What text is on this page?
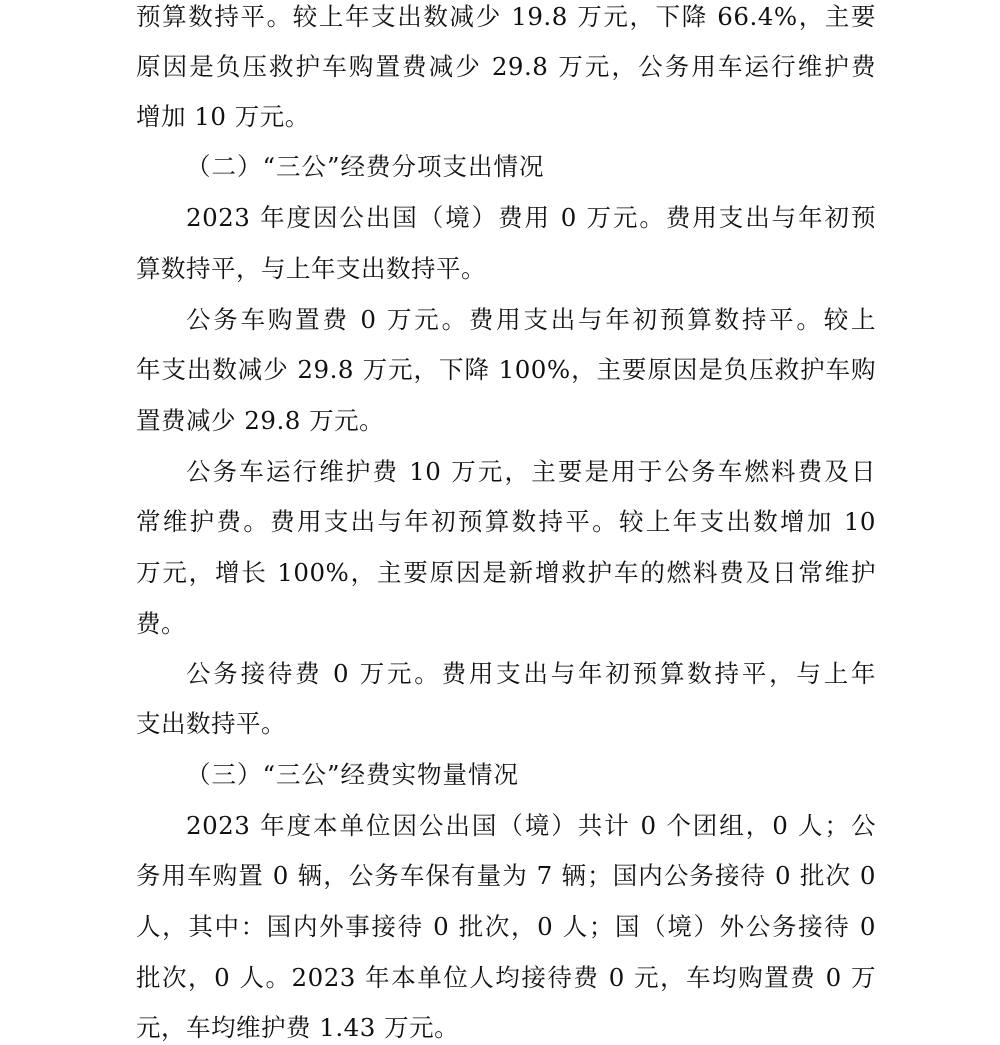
预算数持平。较上年支出数减少 19.8 万元，下降 66.4%，主要
原因是负压救护车购置费减少 29.8 万元，公务用车运行维护费
增加 10 万元。
（二）“三公”经费分项支出情况
2023 年度因公出国（境）费用 0 万元。费用支出与年初预
算数持平，与上年支出数持平。
公务车购置费 0 万元。费用支出与年初预算数持平。较上
年支出数减少 29.8 万元，下降 100%，主要原因是负压救护车购
置费减少 29.8 万元。
公务车运行维护费 10 万元，主要是用于公务车燃料费及日
常维护费。费用支出与年初预算数持平。较上年支出数增加 10
万元，增长 100%，主要原因是新增救护车的燃料费及日常维护
费。
公务接待费 0 万元。费用支出与年初预算数持平，与上年
支出数持平。
（三）“三公”经费实物量情况
2023 年度本单位因公出国（境）共计 0 个团组，0 人；公
务用车购置 0 辆，公务车保有量为 7 辆；国内公务接待 0 批次 0
人，其中：国内外事接待 0 批次，0 人；国（境）外公务接待 0
批次，0 人。2023 年本单位人均接待费 0 元，车均购置费 0 万
元，车均维护费 1.43 万元。
